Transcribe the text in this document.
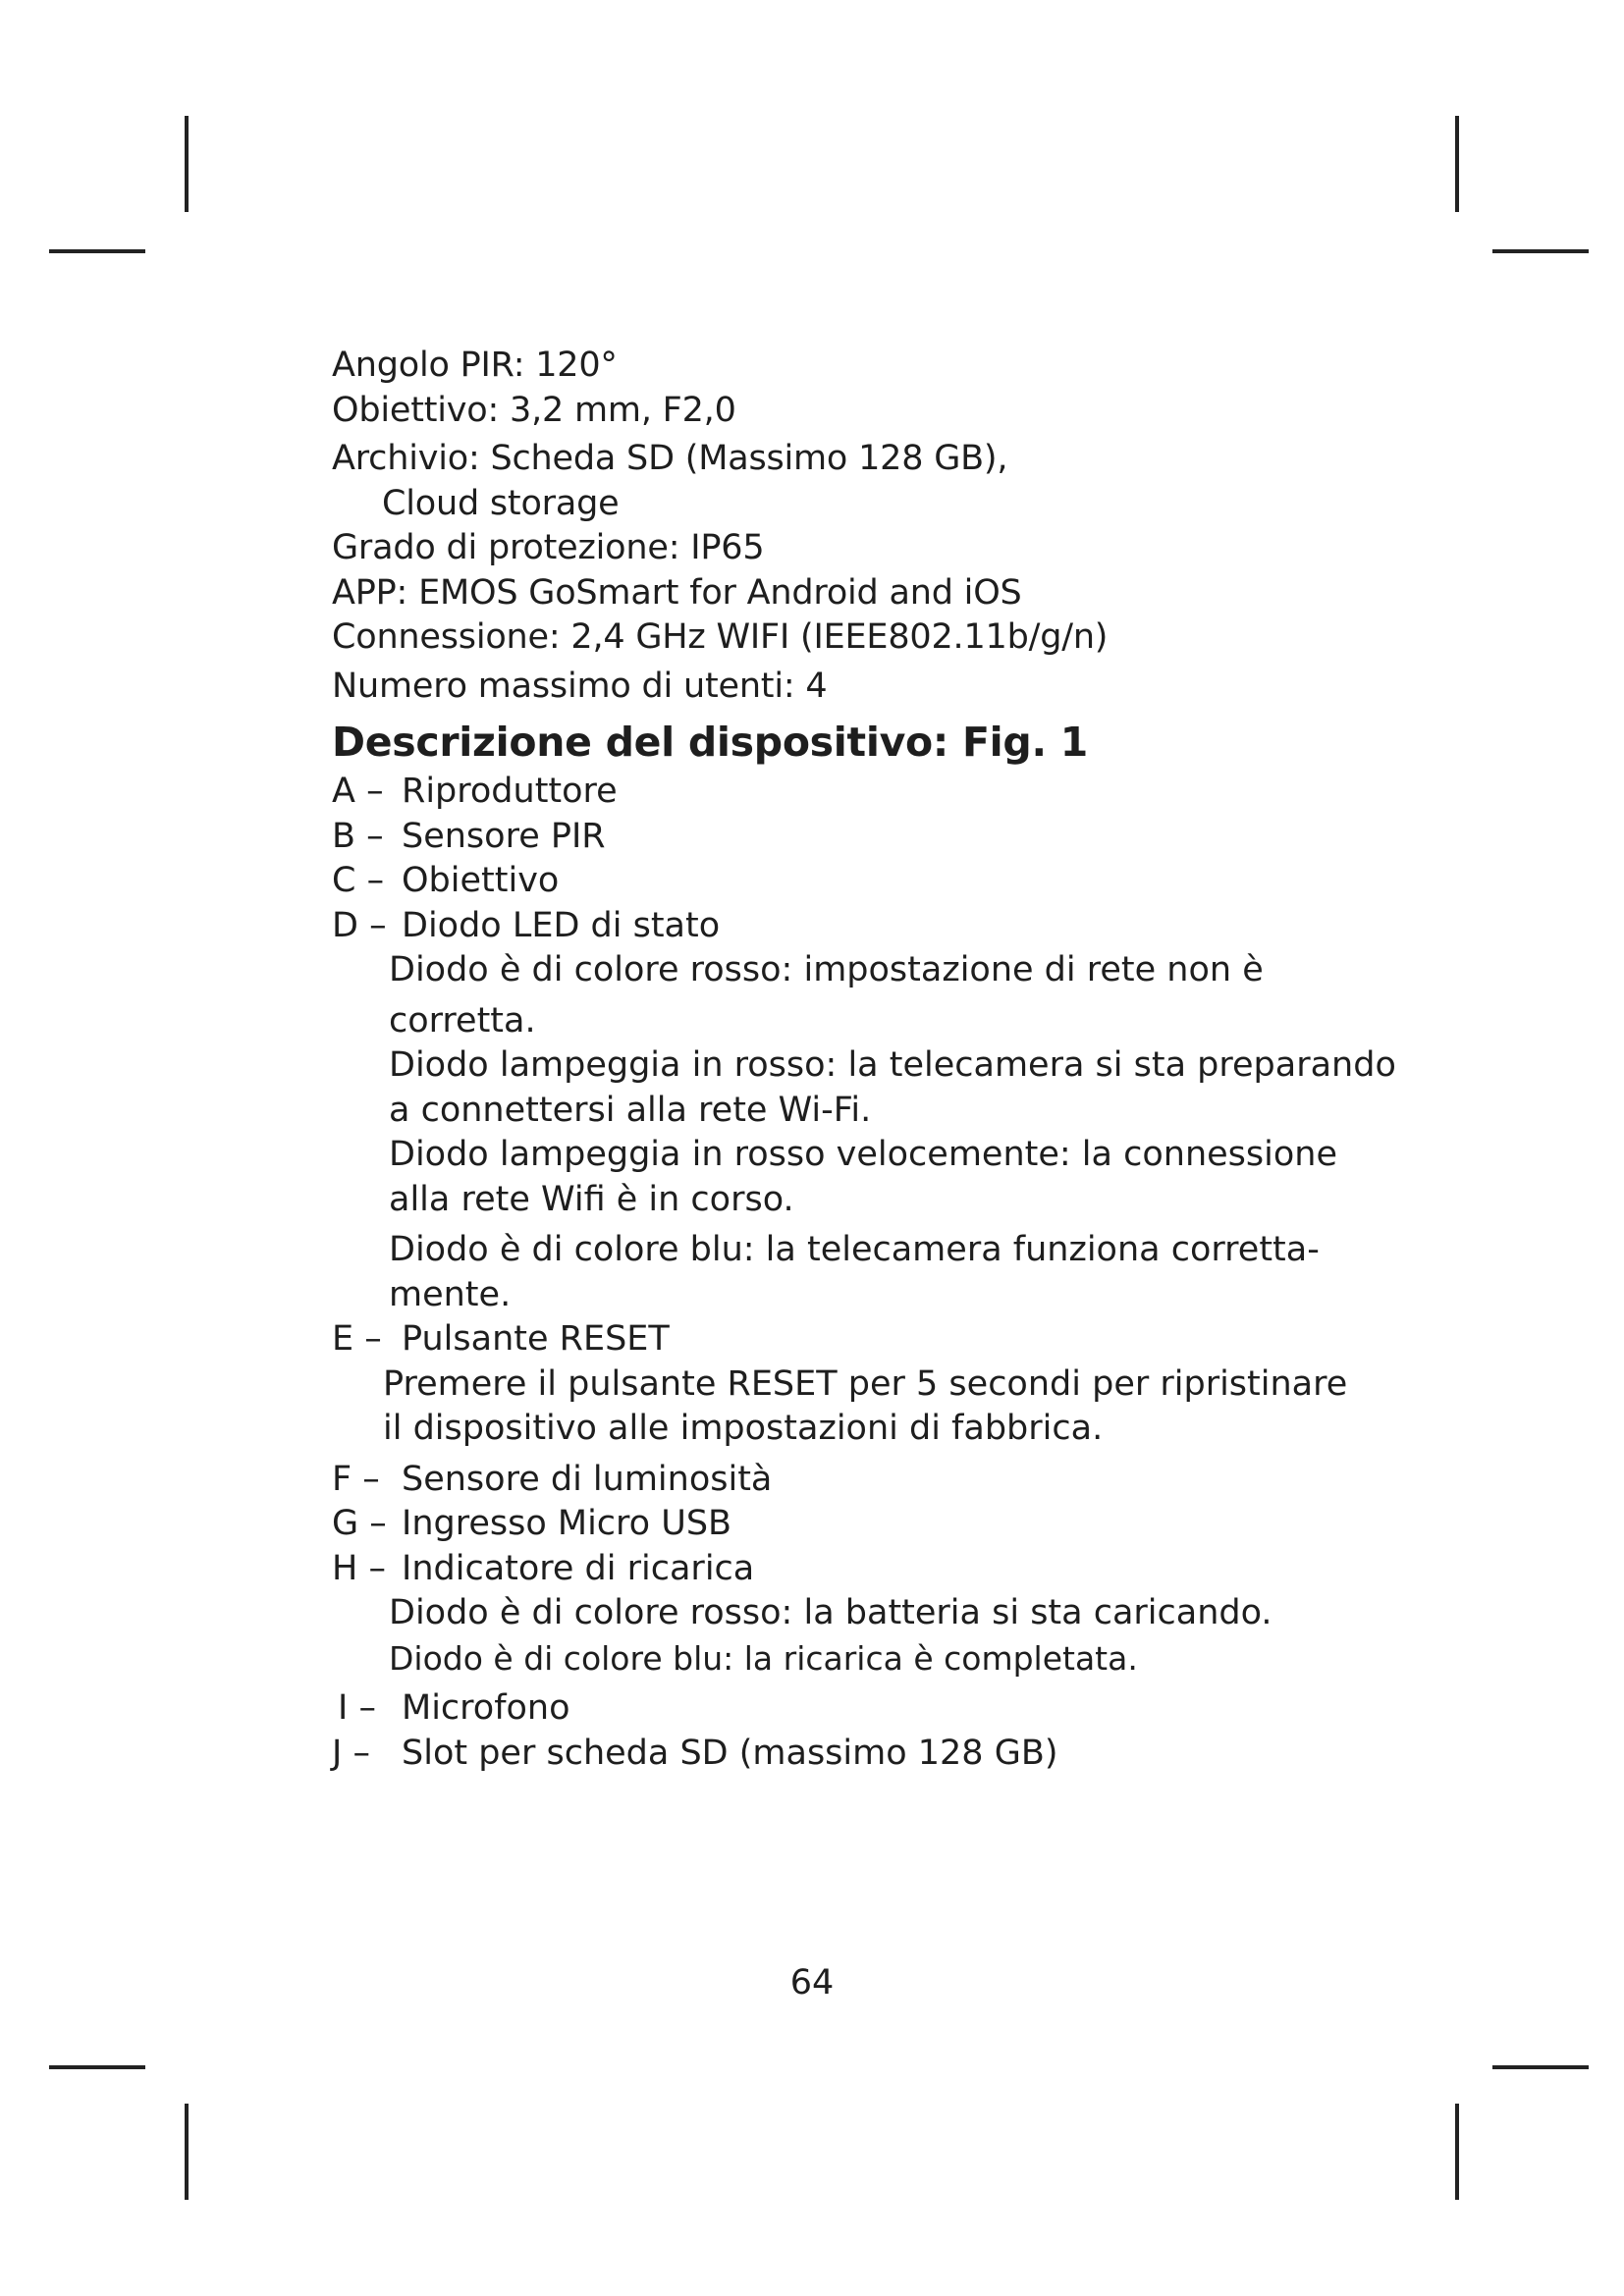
Angolo PIR: 120°
Obiettivo: 3,2 mm, F2,0
Archivio: Scheda SD (Massimo 128 GB),
Cloud storage
Grado di protezione: IP65
APP: EMOS GoSmart for Android and iOS
Connessione: 2,4 GHz WIFI (IEEE802.11b/g/n)
Numero massimo di utenti: 4
Descrizione del dispositivo: Fig. 1
A – Riproduttore
B – Sensore PIR
C – Obiettivo
D – Diodo LED di stato
Diodo è di colore rosso: impostazione di rete non è
corretta.
Diodo lampeggia in rosso: la telecamera si sta preparando
a connettersi alla rete Wi-Fi.
Diodo lampeggia in rosso velocemente: la connessione
alla rete Wifi è in corso.
Diodo è di colore blu: la telecamera funziona corretta-
mente.
E – Pulsante RESET
Premere il pulsante RESET per 5 secondi per ripristinare
il dispositivo alle impostazioni di fabbrica.
F – Sensore di luminosità
G – Ingresso Micro USB
H – Indicatore di ricarica
Diodo è di colore rosso: la batteria si sta caricando.
Diodo è di colore blu: la ricarica è completata.
I – Microfono
J – Slot per scheda SD (massimo 128 GB)
64
